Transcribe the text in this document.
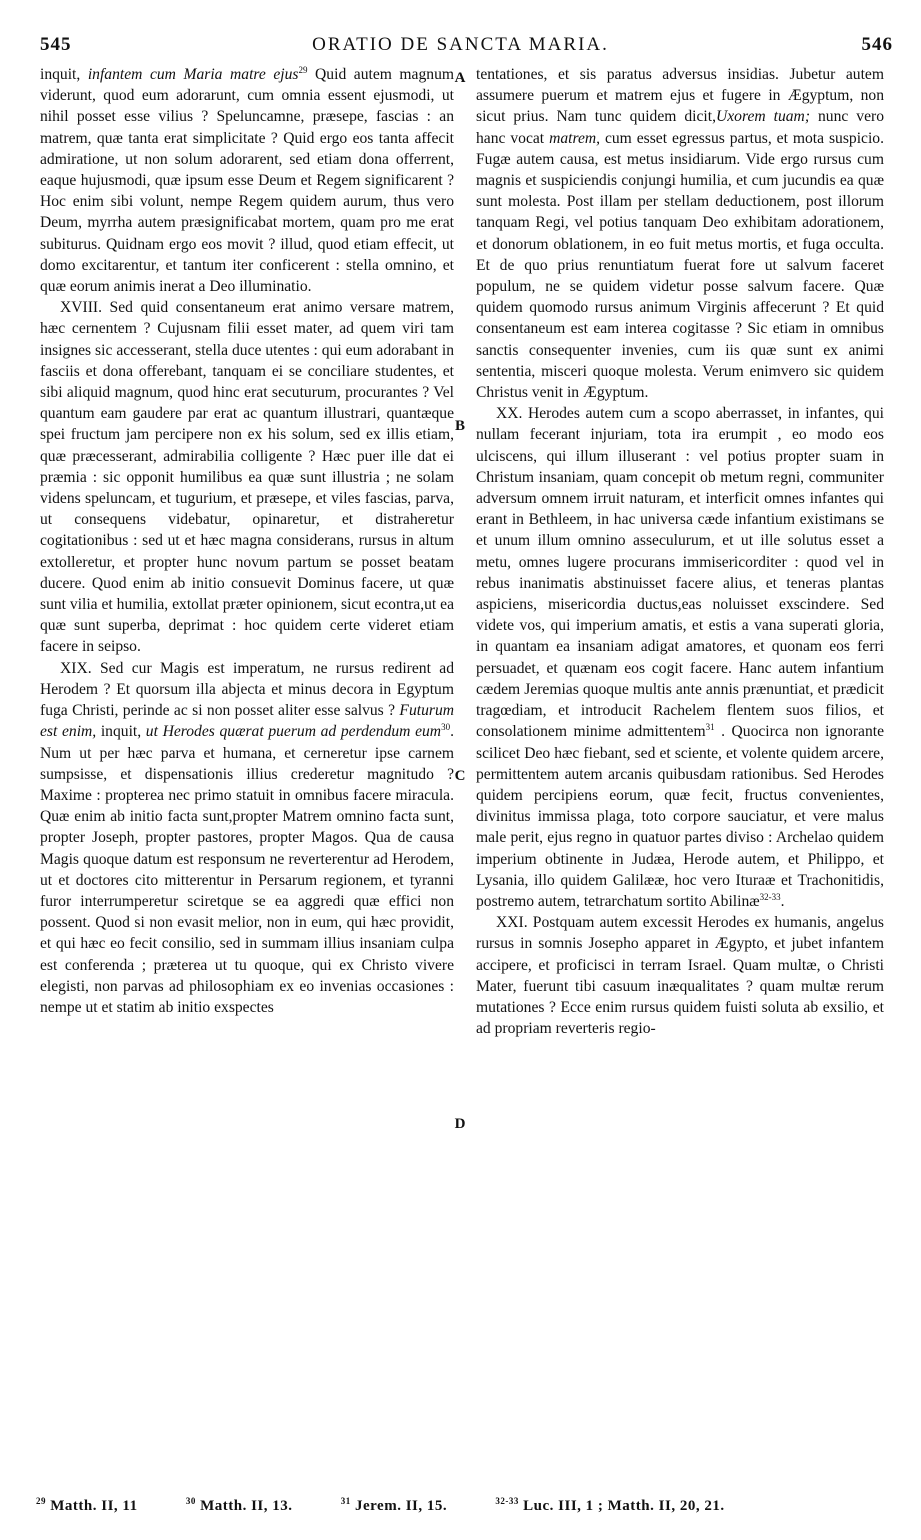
545	ORATIO DE SANCTA MARIA.	546
A
B
C
D

inquit, infantem cum Maria matre ejus$^{29}$ Quid autem magnum viderunt, quod eum adorarunt, cum omnia essent ejusmodi, ut nihil posset esse vilius ? Speluncamne, præsepe, fascias : an matrem, quæ tanta erat simplicitate ? Quid ergo eos tanta affecit admiratione, ut non solum adorarent, sed etiam dona offerrent, eaque hujusmodi, quæ ipsum esse Deum et Regem significarent ? Hoc enim sibi volunt, nempe Regem quidem aurum, thus vero Deum, myrrha autem præsignificabat mortem, quam pro me erat subiturus. Quidnam ergo eos movit ? illud, quod etiam effecit, ut domo excitarentur, et tantum iter conficerent : stella omnino, et quæ eorum animis inerat a Deo illuminatio.

XVIII. Sed quid consentaneum erat animo versare matrem, hæc cernentem ? Cujusnam filii esset mater, ad quem viri tam insignes sic accesserant, stella duce utentes : qui eum adorabant in fasciis et dona offerebant, tanquam ei se conciliare studentes, et sibi aliquid magnum, quod hinc erat secuturum, procurantes ? Vel quantum eam gaudere par erat ac quantum illustrari, quantæque spei fructum jam percipere non ex his solum, sed ex illis etiam, quæ præcesserant, admirabilia colligente ? Hæc puer ille dat ei præmia : sic opponit humilibus ea quæ sunt illustria ; ne solam videns speluncam, et tugurium, et præsepe, et viles fascias, parva, ut consequens videbatur, opinaretur, et distraheretur cogitationibus : sed ut et hæc magna considerans, rursus in altum extolleretur, et propter hunc novum partum se posset beatam ducere. Quod enim ab initio consuevit Dominus facere, ut quæ sunt vilia et humilia, extollat præter opinionem, sicut econtra,ut ea quæ sunt superba, deprimat : hoc quidem certe videret etiam facere in seipso.

XIX. Sed cur Magis est imperatum, ne rursus redirent ad Herodem ? Et quorsum illa abjecta et minus decora in Egyptum fuga Christi, perinde ac si non posset aliter esse salvus ? Futurum est enim, inquit, ut Herodes quærat puerum ad perdendum eum$^{30}$. Num ut per hæc parva et humana, et cerneretur ipse carnem sumpsisse, et dispensationis illius crederetur magnitudo ? Maxime : propterea nec primo statuit in omnibus facere miracula. Quæ enim ab initio facta sunt,propter Matrem omnino facta sunt, propter Joseph, propter pastores, propter Magos. Qua de causa Magis quoque datum est responsum ne reverterentur ad Herodem, ut et doctores cito mitterentur in Persarum regionem, et tyranni furor interrumperetur sciretque se ea aggredi quæ effici non possent. Quod si non evasit melior, non in eum, qui hæc providit, et qui hæc eo fecit consilio, sed in summam illius insaniam culpa est conferenda ; præterea ut tu quoque, qui ex Christo vivere elegisti, non parvas ad philosophiam ex eo invenias occasiones : nempe ut et statim ab initio exspectes

tentationes, et sis paratus adversus insidias. Jubetur autem assumere puerum et matrem ejus et fugere in Ægyptum, non sicut prius. Nam tunc quidem dicit,Uxorem tuam; nunc vero hanc vocat matrem, cum esset egressus partus, et mota suspicio. Fugæ autem causa, est metus insidiarum. Vide ergo rursus cum magnis et suspiciendis conjungi humilia, et cum jucundis ea quæ sunt molesta. Post illam per stellam deductionem, post illorum tanquam Regi, vel potius tanquam Deo exhibitam adorationem, et donorum oblationem, in eo fuit metus mortis, et fuga occulta. Et de quo prius renuntiatum fuerat fore ut salvum faceret populum, ne se quidem videtur posse salvum facere. Quæ quidem quomodo rursus animum Virginis affecerunt ? Et quid consentaneum est eam interea cogitasse ? Sic etiam in omnibus sanctis consequenter invenies, cum iis quæ sunt ex animi sententia, misceri quoque molesta. Verum enimvero sic quidem Christus venit in Ægyptum.

XX. Herodes autem cum a scopo aberrasset, in infantes, qui nullam fecerant injuriam, tota ira erumpit , eo modo eos ulciscens, qui illum illuserant : vel potius propter suam in Christum insaniam, quam concepit ob metum regni, communiter adversum omnem irruit naturam, et interficit omnes infantes qui erant in Bethleem, in hac universa cæde infantium existimans se et unum illum omnino asseculurum, et ut ille solutus esset a metu, omnes lugere procurans immisericorditer : quod vel in rebus inanimatis abstinuisset facere alius, et teneras plantas aspiciens, misericordia ductus,eas noluisset exscindere. Sed videte vos, qui imperium amatis, et estis a vana superati gloria, in quantam ea insaniam adigat amatores, et quonam eos ferri persuadet, et quænam eos cogit facere. Hanc autem infantium cædem Jeremias quoque multis ante annis prænuntiat, et prædicit tragœdiam, et introducit Rachelem flentem suos filios, et consolationem minime admittentem$^{31}$ . Quocirca non ignorante scilicet Deo hæc fiebant, sed et sciente, et volente quidem arcere, permittentem autem arcanis quibusdam rationibus. Sed Herodes quidem percipiens eorum, quæ fecit, fructus convenientes, divinitus immissa plaga, toto corpore sauciatur, et vere malus male perit, ejus regno in quatuor partes diviso : Archelao quidem imperium obtinente in Judæa, Herode autem, et Philippo, et Lysania, illo quidem Galilææ, hoc vero Ituraæ et Trachonitidis, postremo autem, tetrarchatum sortito Abilinæ$^{32-33}$.

XXI. Postquam autem excessit Herodes ex humanis, angelus rursus in somnis Josepho apparet in Ægypto, et jubet infantem accipere, et proficisci in terram Israel. Quam multæ, o Christi Mater, fuerunt tibi casuum inæqualitates ? quam multæ rerum mutationes ? Ecce enim rursus quidem fuisti soluta ab exsilio, et ad propriam reverteris regio-

$^{29}$ Matth. II, 11	$^{30}$ Matth. II, 13.	$^{31}$ Jerem. II, 15.	$^{32-33}$ Luc. III, 1 ; Matth. II, 20, 21.
